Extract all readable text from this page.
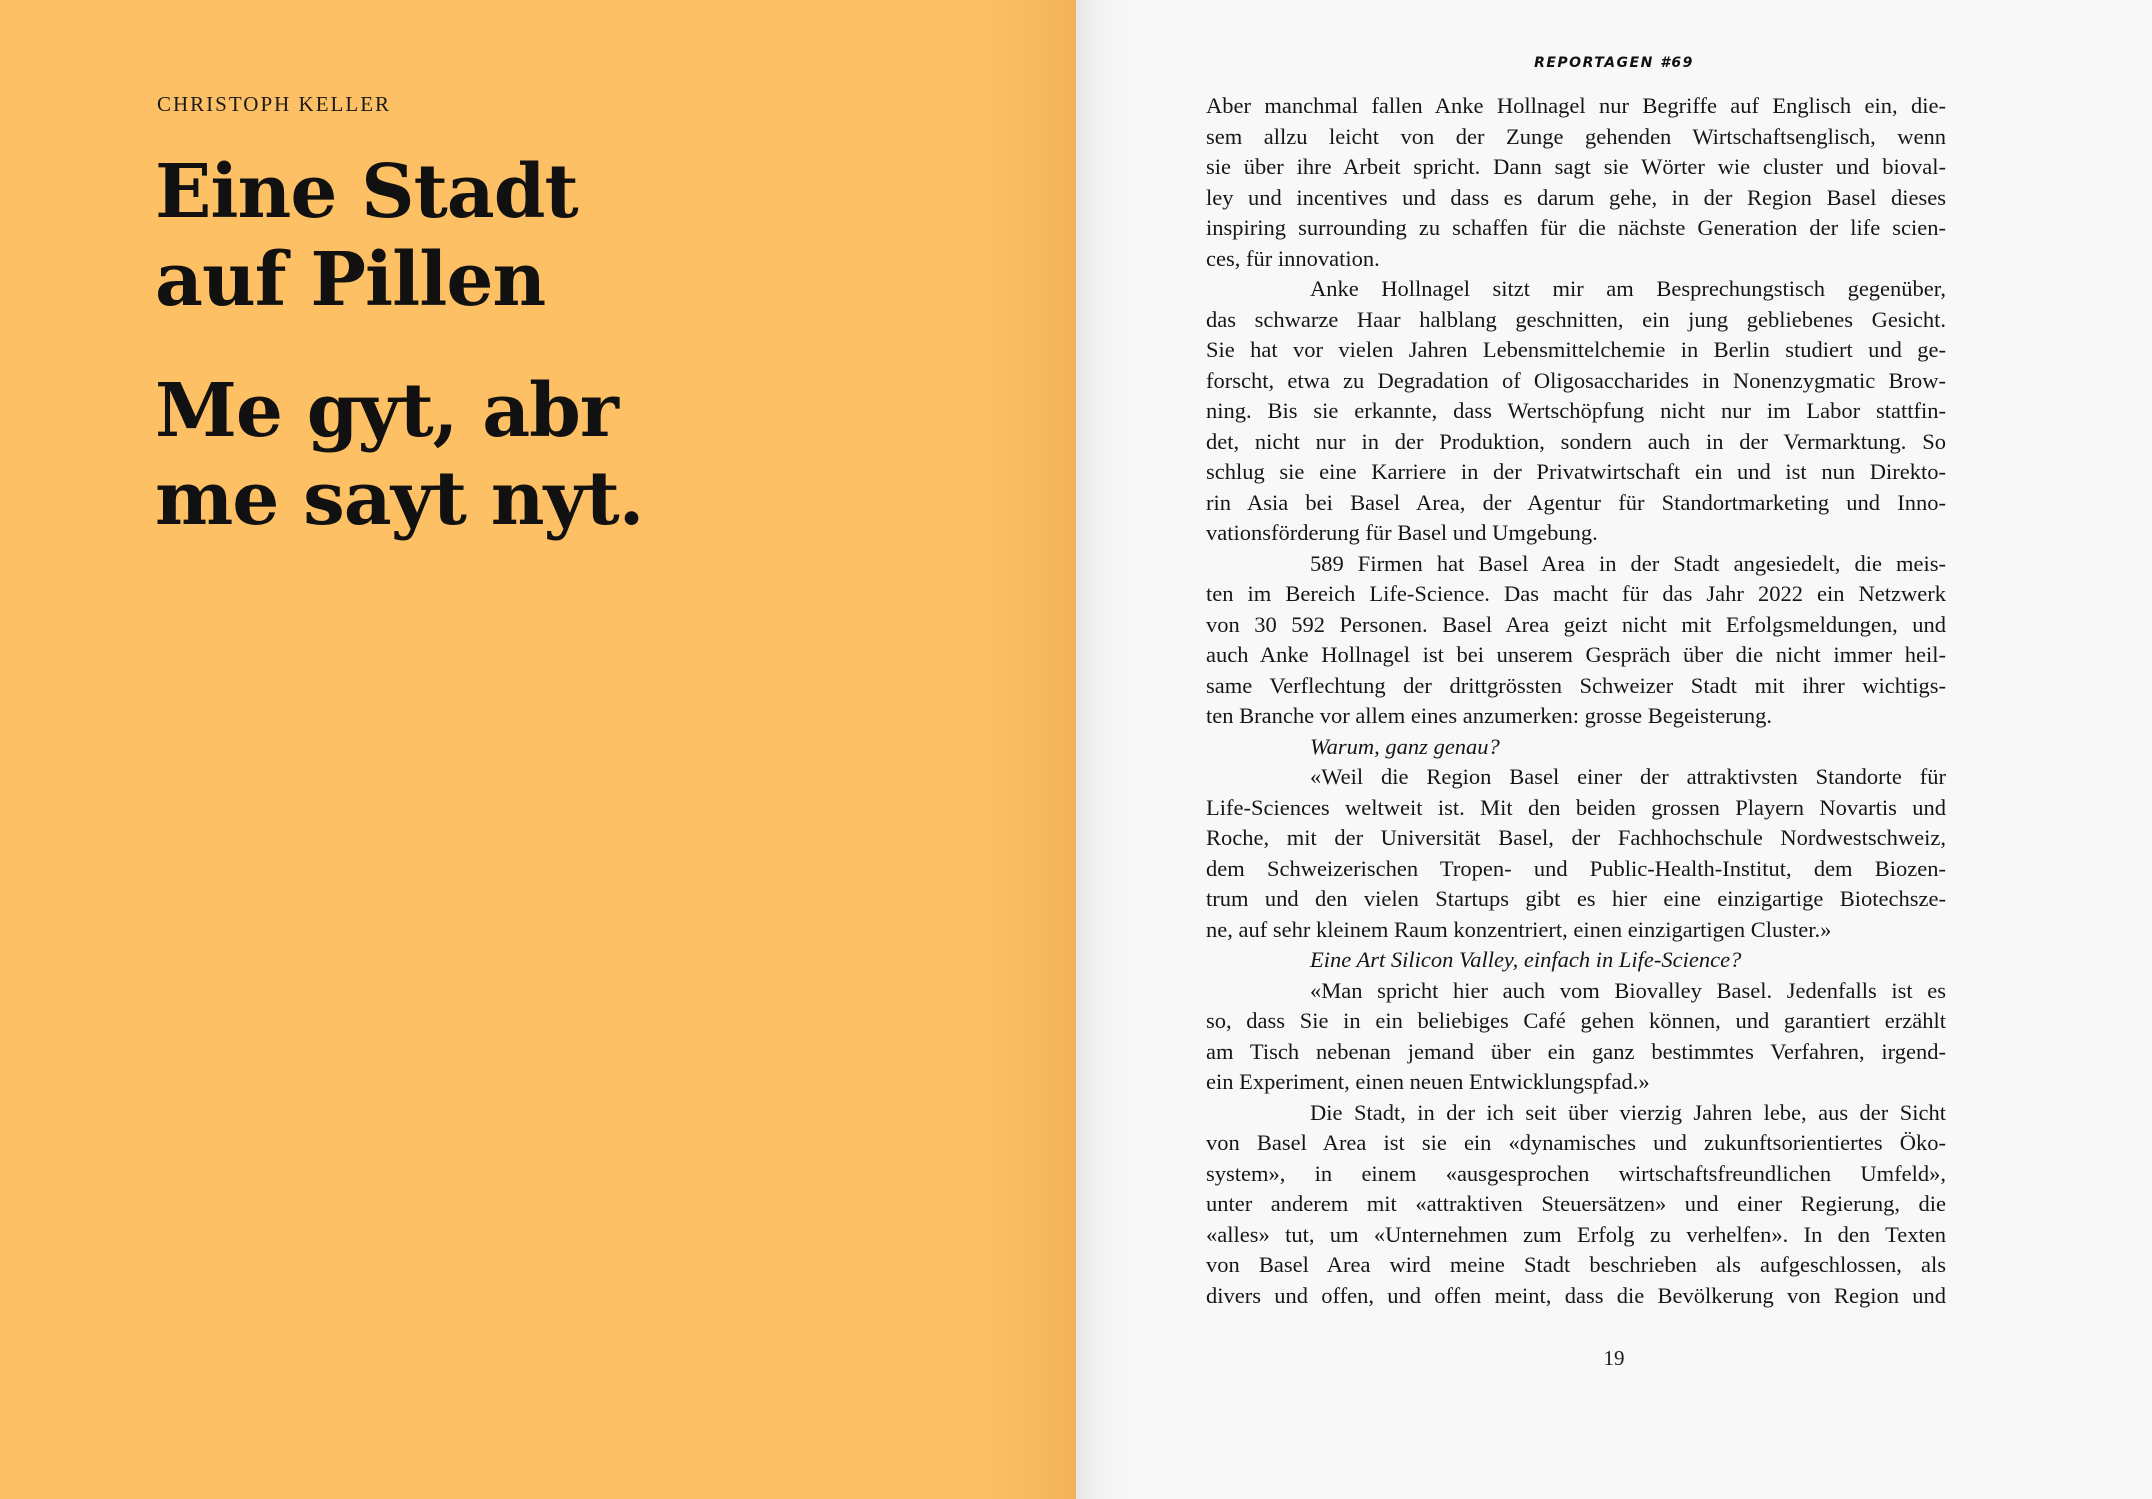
CHRISTOPH KELLER

Eine Stadt
auf Pillen
Me gyt, abr
me sayt nyt.

REPORTAGEN #69

Aber manchmal fallen Anke Hollnagel nur Begriffe auf Englisch ein, die-
sem allzu leicht von der Zunge gehenden Wirtschaftsenglisch, wenn
sie über ihre Arbeit spricht. Dann sagt sie Wörter wie cluster und bioval-
ley und incentives und dass es darum gehe, in der Region Basel dieses
inspiring surrounding zu schaffen für die nächste Generation der life scien-
ces, für innovation.
Anke Hollnagel sitzt mir am Besprechungstisch gegenüber,
das schwarze Haar halblang geschnitten, ein jung gebliebenes Gesicht.
Sie hat vor vielen Jahren Lebensmittelchemie in Berlin studiert und ge-
forscht, etwa zu Degradation of Oligosaccharides in Nonenzygmatic Brow-
ning. Bis sie erkannte, dass Wertschöpfung nicht nur im Labor stattfin-
det, nicht nur in der Produktion, sondern auch in der Vermarktung. So
schlug sie eine Karriere in der Privatwirtschaft ein und ist nun Direkto-
rin Asia bei Basel Area, der Agentur für Standortmarketing und Inno-
vationsförderung für Basel und Umgebung.
589 Firmen hat Basel Area in der Stadt angesiedelt, die meis-
ten im Bereich Life-Science. Das macht für das Jahr 2022 ein Netzwerk
von 30 592 Personen. Basel Area geizt nicht mit Erfolgsmeldungen, und
auch Anke Hollnagel ist bei unserem Gespräch über die nicht immer heil-
same Verflechtung der drittgrössten Schweizer Stadt mit ihrer wichtigs-
ten Branche vor allem eines anzumerken: grosse Begeisterung.
Warum, ganz genau?
«Weil die Region Basel einer der attraktivsten Standorte für
Life-Sciences weltweit ist. Mit den beiden grossen Playern Novartis und
Roche, mit der Universität Basel, der Fachhochschule Nordwestschweiz,
dem Schweizerischen Tropen- und Public-Health-Institut, dem Biozen-
trum und den vielen Startups gibt es hier eine einzigartige Biotechsze-
ne, auf sehr kleinem Raum konzentriert, einen einzigartigen Cluster.»
Eine Art Silicon Valley, einfach in Life-Science?
«Man spricht hier auch vom Biovalley Basel. Jedenfalls ist es
so, dass Sie in ein beliebiges Café gehen können, und garantiert erzählt
am Tisch nebenan jemand über ein ganz bestimmtes Verfahren, irgend-
ein Experiment, einen neuen Entwicklungspfad.»
Die Stadt, in der ich seit über vierzig Jahren lebe, aus der Sicht
von Basel Area ist sie ein «dynamisches und zukunftsorientiertes Öko-
system», in einem «ausgesprochen wirtschaftsfreundlichen Umfeld»,
unter anderem mit «attraktiven Steuersätzen» und einer Regierung, die
«alles» tut, um «Unternehmen zum Erfolg zu verhelfen». In den Texten
von Basel Area wird meine Stadt beschrieben als aufgeschlossen, als
divers und offen, und offen meint, dass die Bevölkerung von Region und

19
